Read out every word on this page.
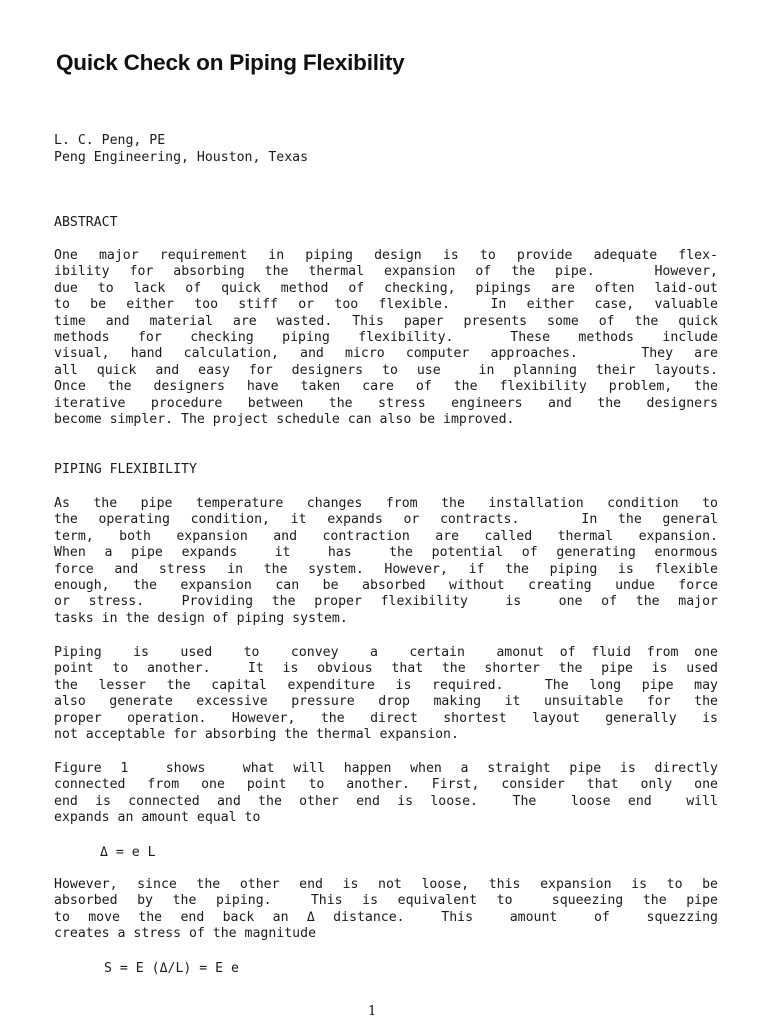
Quick Check on Piping Flexibility
L. C. Peng, PE
Peng Engineering, Houston, Texas
ABSTRACT
One major requirement in piping design is to provide adequate flex-
ibility for absorbing the thermal expansion of the pipe.   However,
due to lack of quick method of checking, pipings are often laid-out
to be either too stiff or too flexible.  In either case, valuable
time and material are wasted. This paper presents some of the quick
methods for checking piping flexibility.  These methods include
visual, hand calculation, and micro computer approaches.   They are
all quick and easy for designers to use  in planning their layouts.
Once the designers have taken care of the flexibility problem, the
iterative procedure between the stress engineers and the designers
become simpler. The project schedule can also be improved.
PIPING FLEXIBILITY
As the pipe temperature changes from the installation condition to
the operating condition, it expands or contracts.   In the general
term, both expansion and contraction are called thermal expansion.
When a pipe expands  it  has  the potential of generating enormous
force and stress in the system. However, if the piping is flexible
enough, the expansion can be absorbed without creating undue force
or stress.  Providing the proper flexibility  is  one of the major
tasks in the design of piping system.
Piping  is  used  to  convey  a  certain  amonut of fluid from one
point to another.  It is obvious that the shorter the pipe is used
the lesser the capital expenditure is required.  The long pipe may
also generate excessive pressure drop making it unsuitable for the
proper operation. However, the direct shortest layout generally is
not acceptable for absorbing the thermal expansion.
Figure 1  shows  what will happen when a straight pipe is directly
connected from one point to another. First, consider that only one
end is connected and the other end is loose.  The  loose end  will
expands an amount equal to
Δ = e L
However, since the other end is not loose, this expansion is to be
absorbed by the piping.  This is equivalent to  squeezing the pipe
to move the end back an Δ distance.  This  amount  of  squezzing
creates a stress of the magnitude
S = E (Δ/L) = E e
1
